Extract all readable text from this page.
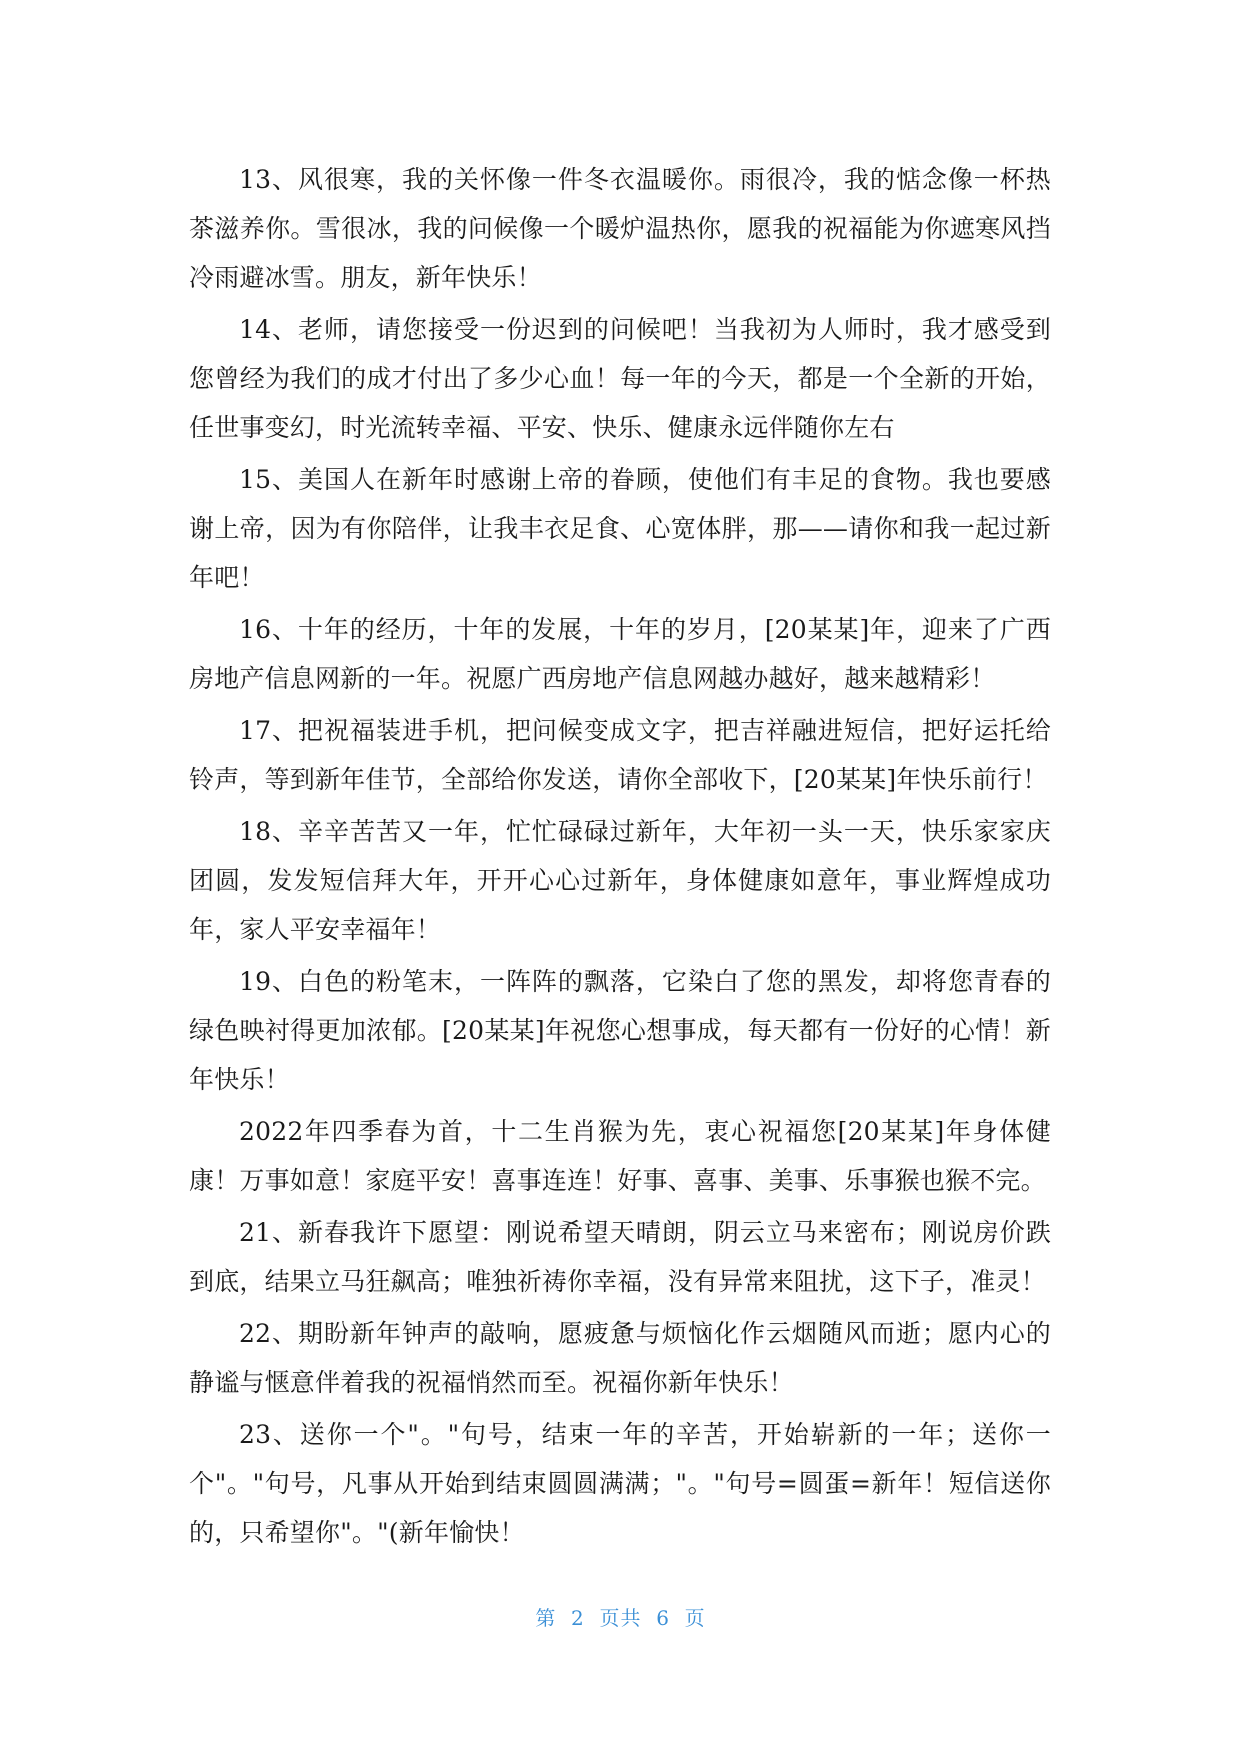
13、风很寒，我的关怀像一件冬衣温暖你。雨很冷，我的惦念像一杯热茶滋养你。雪很冰，我的问候像一个暖炉温热你，愿我的祝福能为你遮寒风挡冷雨避冰雪。朋友，新年快乐！

14、老师，请您接受一份迟到的问候吧！当我初为人师时，我才感受到您曾经为我们的成才付出了多少心血！每一年的今天，都是一个全新的开始，任世事变幻，时光流转幸福、平安、快乐、健康永远伴随你左右

15、美国人在新年时感谢上帝的眷顾，使他们有丰足的食物。我也要感谢上帝，因为有你陪伴，让我丰衣足食、心宽体胖，那——请你和我一起过新年吧！

16、十年的经历，十年的发展，十年的岁月，[20某某]年，迎来了广西房地产信息网新的一年。祝愿广西房地产信息网越办越好，越来越精彩！

17、把祝福装进手机，把问候变成文字，把吉祥融进短信，把好运托给铃声，等到新年佳节，全部给你发送，请你全部收下，[20某某]年快乐前行！

18、辛辛苦苦又一年，忙忙碌碌过新年，大年初一头一天，快乐家家庆团圆，发发短信拜大年，开开心心过新年，身体健康如意年，事业辉煌成功年，家人平安幸福年！

19、白色的粉笔末，一阵阵的飘落，它染白了您的黑发，却将您青春的绿色映衬得更加浓郁。[20某某]年祝您心想事成，每天都有一份好的心情！新年快乐！

2022年四季春为首，十二生肖猴为先，衷心祝福您[20某某]年身体健康！万事如意！家庭平安！喜事连连！好事、喜事、美事、乐事猴也猴不完。

21、新春我许下愿望：刚说希望天晴朗，阴云立马来密布；刚说房价跌到底，结果立马狂飙高；唯独祈祷你幸福，没有异常来阻扰，这下子，准灵！

22、期盼新年钟声的敲响，愿疲惫与烦恼化作云烟随风而逝；愿内心的静谧与惬意伴着我的祝福悄然而至。祝福你新年快乐！

23、送你一个"。"句号，结束一年的辛苦，开始崭新的一年；送你一个"。"句号，凡事从开始到结束圆圆满满；"。"句号=圆蛋=新年！短信送你的，只希望你"。"(新年愉快！

第  2  页共  6  页
